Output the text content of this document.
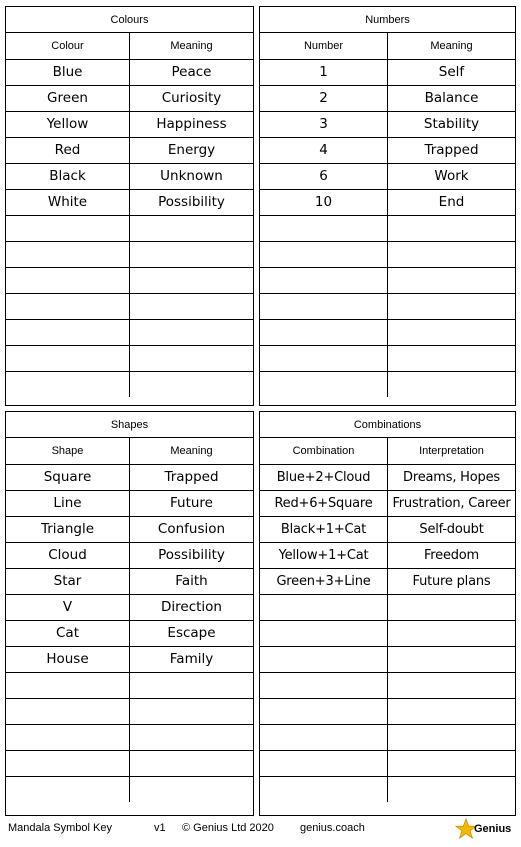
Colours
Colour	Meaning
Blue	Peace
Green	Curiosity
Yellow	Happiness
Red	Energy
Black	Unknown
White	Possibility

Numbers
Number	Meaning
1	Self
2	Balance
3	Stability
4	Trapped
6	Work
10	End

Shapes
Shape	Meaning
Square	Trapped
Line	Future
Triangle	Confusion
Cloud	Possibility
Star	Faith
V	Direction
Cat	Escape
House	Family

Combinations
Combination	Interpretation
Blue+2+Cloud	Dreams, Hopes
Red+6+Square	Frustration, Career
Black+1+Cat	Self-doubt
Yellow+1+Cat	Freedom
Green+3+Line	Future plans

Mandala Symbol Key	v1 © Genius Ltd 2020 genius.coach	Genius
